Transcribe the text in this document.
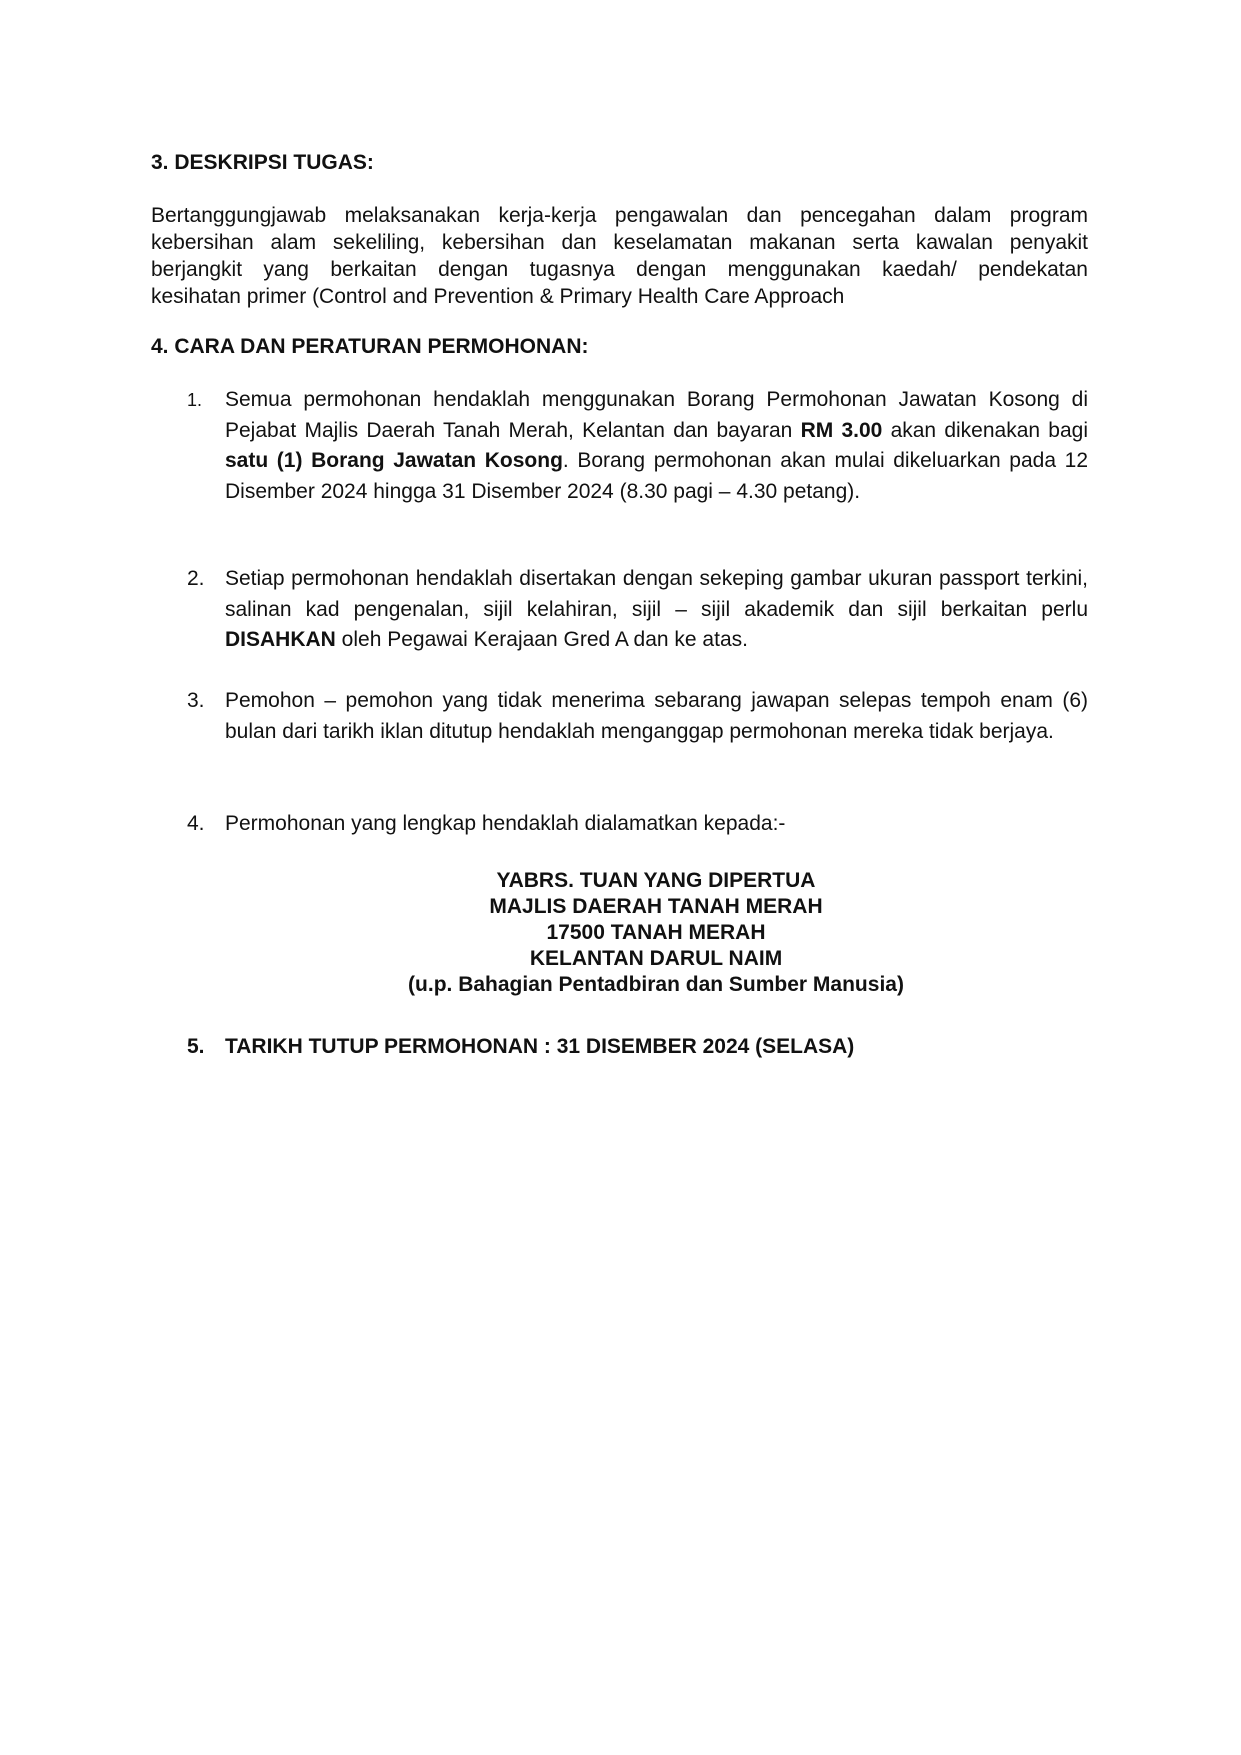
3. DESKRIPSI TUGAS:
Bertanggungjawab melaksanakan kerja-kerja pengawalan dan pencegahan dalam program
kebersihan alam sekeliling, kebersihan dan keselamatan makanan serta kawalan penyakit
berjangkit yang berkaitan dengan tugasnya dengan menggunakan kaedah/ pendekatan
kesihatan primer (Control and Prevention & Primary Health Care Approach
4. CARA DAN PERATURAN PERMOHONAN:
1.	Semua permohonan hendaklah menggunakan Borang Permohonan Jawatan Kosong di Pejabat Majlis Daerah Tanah Merah, Kelantan dan bayaran RM 3.00 akan dikenakan bagi satu (1) Borang Jawatan Kosong. Borang permohonan akan mulai dikeluarkan pada 12 Disember 2024 hingga 31 Disember 2024 (8.30 pagi – 4.30 petang).
2. Setiap permohonan hendaklah disertakan dengan sekeping gambar ukuran passport terkini, salinan kad pengenalan, sijil kelahiran, sijil – sijil akademik dan sijil berkaitan perlu DISAHKAN oleh Pegawai Kerajaan Gred A dan ke atas.
3. Pemohon – pemohon yang tidak menerima sebarang jawapan selepas tempoh enam (6) bulan dari tarikh iklan ditutup hendaklah menganggap permohonan mereka tidak berjaya.
4. Permohonan yang lengkap hendaklah dialamatkan kepada:-
YABRS. TUAN YANG DIPERTUA
MAJLIS DAERAH TANAH MERAH
17500 TANAH MERAH
KELANTAN DARUL NAIM
(u.p. Bahagian Pentadbiran dan Sumber Manusia)
5. TARIKH TUTUP PERMOHONAN : 31 DISEMBER 2024 (SELASA)
